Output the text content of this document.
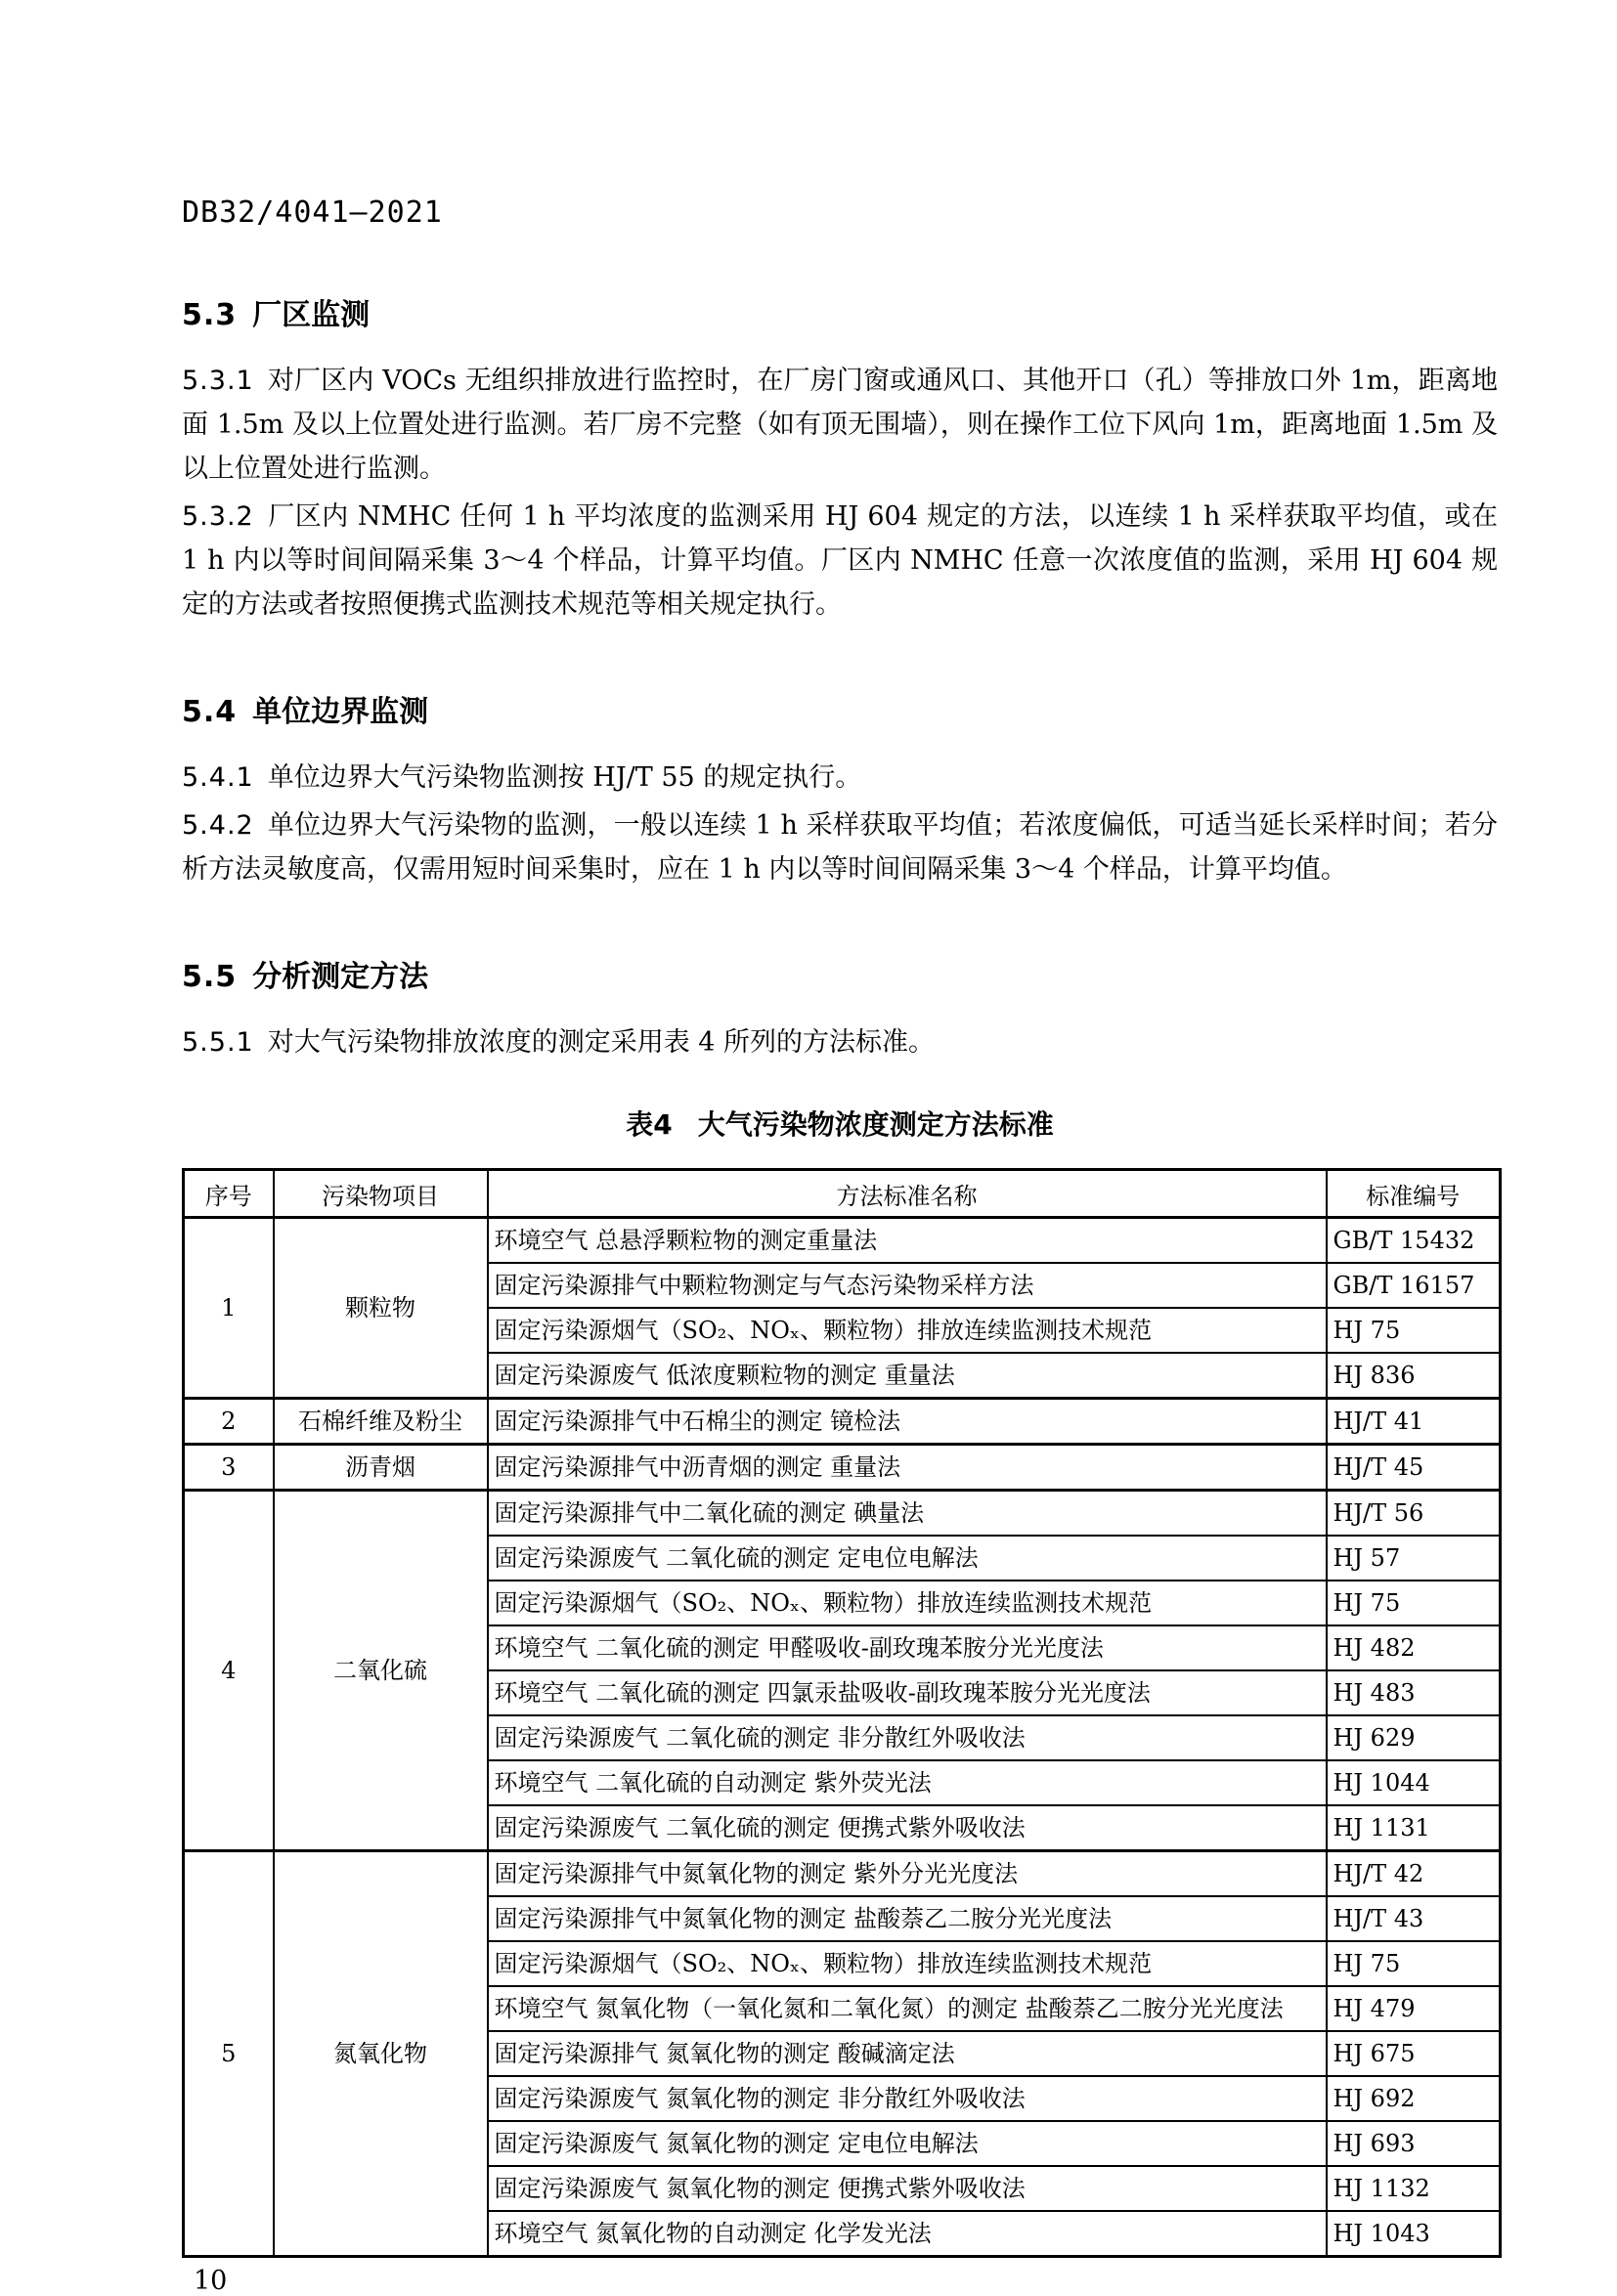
DB32/4041—2021
5.3 厂区监测

5.3.1 对厂区内 VOCs 无组织排放进行监控时，在厂房门窗或通风口、其他开口（孔）等排放口外 1m，距离地面 1.5m 及以上位置处进行监测。若厂房不完整（如有顶无围墙），则在操作工位下风向 1m，距离地面 1.5m 及以上位置处进行监测。

5.3.2 厂区内 NMHC 任何 1 h 平均浓度的监测采用 HJ 604 规定的方法，以连续 1 h 采样获取平均值，或在 1 h 内以等时间间隔采集 3～4 个样品，计算平均值。厂区内 NMHC 任意一次浓度值的监测，采用 HJ 604 规定的方法或者按照便携式监测技术规范等相关规定执行。

5.4 单位边界监测

5.4.1 单位边界大气污染物监测按 HJ/T 55 的规定执行。

5.4.2 单位边界大气污染物的监测，一般以连续 1 h 采样获取平均值；若浓度偏低，可适当延长采样时间；若分析方法灵敏度高，仅需用短时间采集时，应在 1 h 内以等时间间隔采集 3～4 个样品，计算平均值。

5.5 分析测定方法

5.5.1 对大气污染物排放浓度的测定采用表 4 所列的方法标准。

表4 大气污染物浓度测定方法标准
序号	污染物项目	方法标准名称	标准编号
1	颗粒物	环境空气 总悬浮颗粒物的测定重量法	GB/T 15432
		固定污染源排气中颗粒物测定与气态污染物采样方法	GB/T 16157
		固定污染源烟气（SO₂、NOₓ、颗粒物）排放连续监测技术规范	HJ 75
		固定污染源废气 低浓度颗粒物的测定 重量法	HJ 836
2	石棉纤维及粉尘	固定污染源排气中石棉尘的测定 镜检法	HJ/T 41
3	沥青烟	固定污染源排气中沥青烟的测定 重量法	HJ/T 45
4	二氧化硫	固定污染源排气中二氧化硫的测定 碘量法	HJ/T 56
		固定污染源废气 二氧化硫的测定 定电位电解法	HJ 57
		固定污染源烟气（SO₂、NOₓ、颗粒物）排放连续监测技术规范	HJ 75
		环境空气 二氧化硫的测定 甲醛吸收-副玫瑰苯胺分光光度法	HJ 482
		环境空气 二氧化硫的测定 四氯汞盐吸收-副玫瑰苯胺分光光度法	HJ 483
		固定污染源废气 二氧化硫的测定 非分散红外吸收法	HJ 629
		环境空气 二氧化硫的自动测定 紫外荧光法	HJ 1044
		固定污染源废气 二氧化硫的测定 便携式紫外吸收法	HJ 1131
5	氮氧化物	固定污染源排气中氮氧化物的测定 紫外分光光度法	HJ/T 42
		固定污染源排气中氮氧化物的测定 盐酸萘乙二胺分光光度法	HJ/T 43
		固定污染源烟气（SO₂、NOₓ、颗粒物）排放连续监测技术规范	HJ 75
		环境空气 氮氧化物（一氧化氮和二氧化氮）的测定 盐酸萘乙二胺分光光度法	HJ 479
		固定污染源排气 氮氧化物的测定 酸碱滴定法	HJ 675
		固定污染源废气 氮氧化物的测定 非分散红外吸收法	HJ 692
		固定污染源废气 氮氧化物的测定 定电位电解法	HJ 693
		固定污染源废气 氮氧化物的测定 便携式紫外吸收法	HJ 1132
		环境空气 氮氧化物的自动测定 化学发光法	HJ 1043
10
